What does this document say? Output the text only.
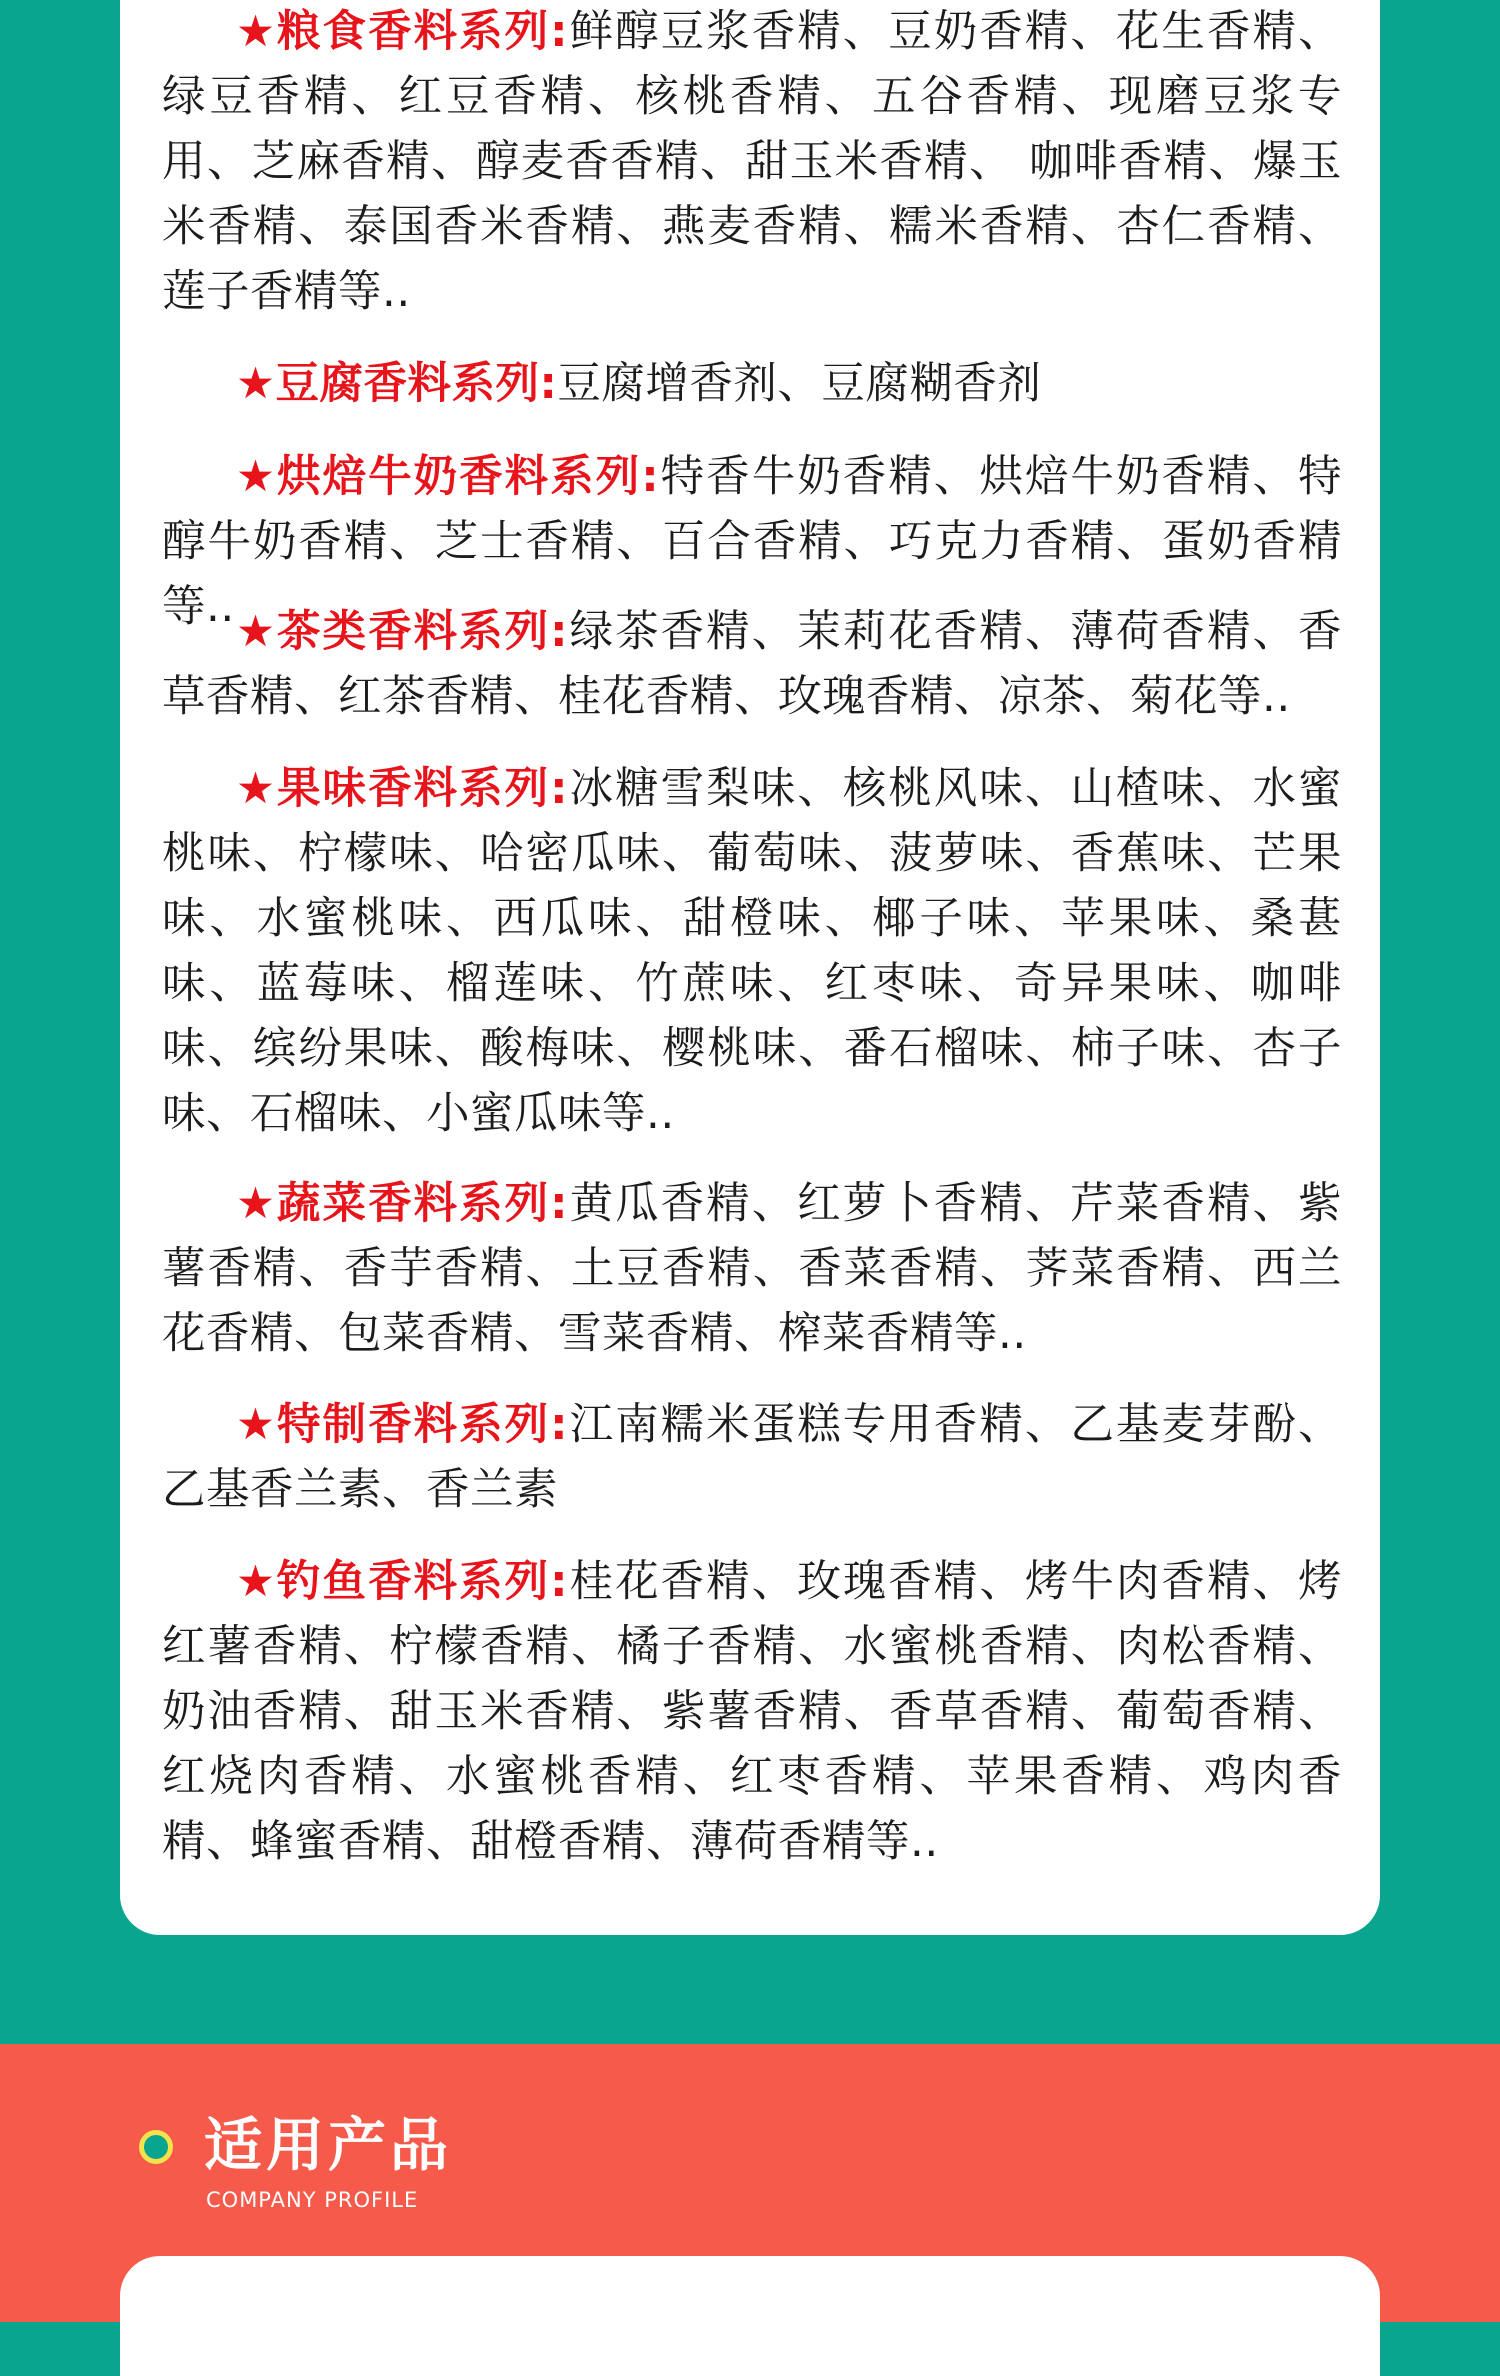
★粮食香料系列:鲜醇豆浆香精、豆奶香精、花生香精、绿豆香精、红豆香精、核桃香精、五谷香精、现磨豆浆专用、芝麻香精、醇麦香香精、甜玉米香精、 咖啡香精、爆玉米香精、泰国香米香精、燕麦香精、糯米香精、杏仁香精、莲子香精等..
★豆腐香料系列:豆腐增香剂、豆腐糊香剂
★烘焙牛奶香料系列:特香牛奶香精、烘焙牛奶香精、特醇牛奶香精、芝士香精、百合香精、巧克力香精、蛋奶香精等.. ★茶类香料系列:绿茶香精、茉莉花香精、薄荷香精、香草香精、红茶香精、桂花香精、玫瑰香精、凉茶、菊花等..
★果味香料系列:冰糖雪梨味、核桃风味、山楂味、水蜜桃味、柠檬味、哈密瓜味、葡萄味、菠萝味、香蕉味、芒果味、水蜜桃味、西瓜味、甜橙味、椰子味、苹果味、桑葚味、蓝莓味、榴莲味、竹蔗味、红枣味、奇异果味、咖啡味、缤纷果味、酸梅味、樱桃味、番石榴味、柿子味、杏子味、石榴味、小蜜瓜味等..
★蔬菜香料系列:黄瓜香精、红萝卜香精、芹菜香精、紫薯香精、香芋香精、土豆香精、香菜香精、荠菜香精、西兰花香精、包菜香精、雪菜香精、榨菜香精等..
★特制香料系列:江南糯米蛋糕专用香精、乙基麦芽酚、乙基香兰素、香兰素
★钓鱼香料系列:桂花香精、玫瑰香精、烤牛肉香精、烤红薯香精、柠檬香精、橘子香精、水蜜桃香精、肉松香精、 奶油香精、甜玉米香精、紫薯香精、香草香精、葡萄香精、红烧肉香精、水蜜桃香精、红枣香精、苹果香精、鸡肉香精、蜂蜜香精、甜橙香精、薄荷香精等..
适用产品
COMPANY PROFILE
